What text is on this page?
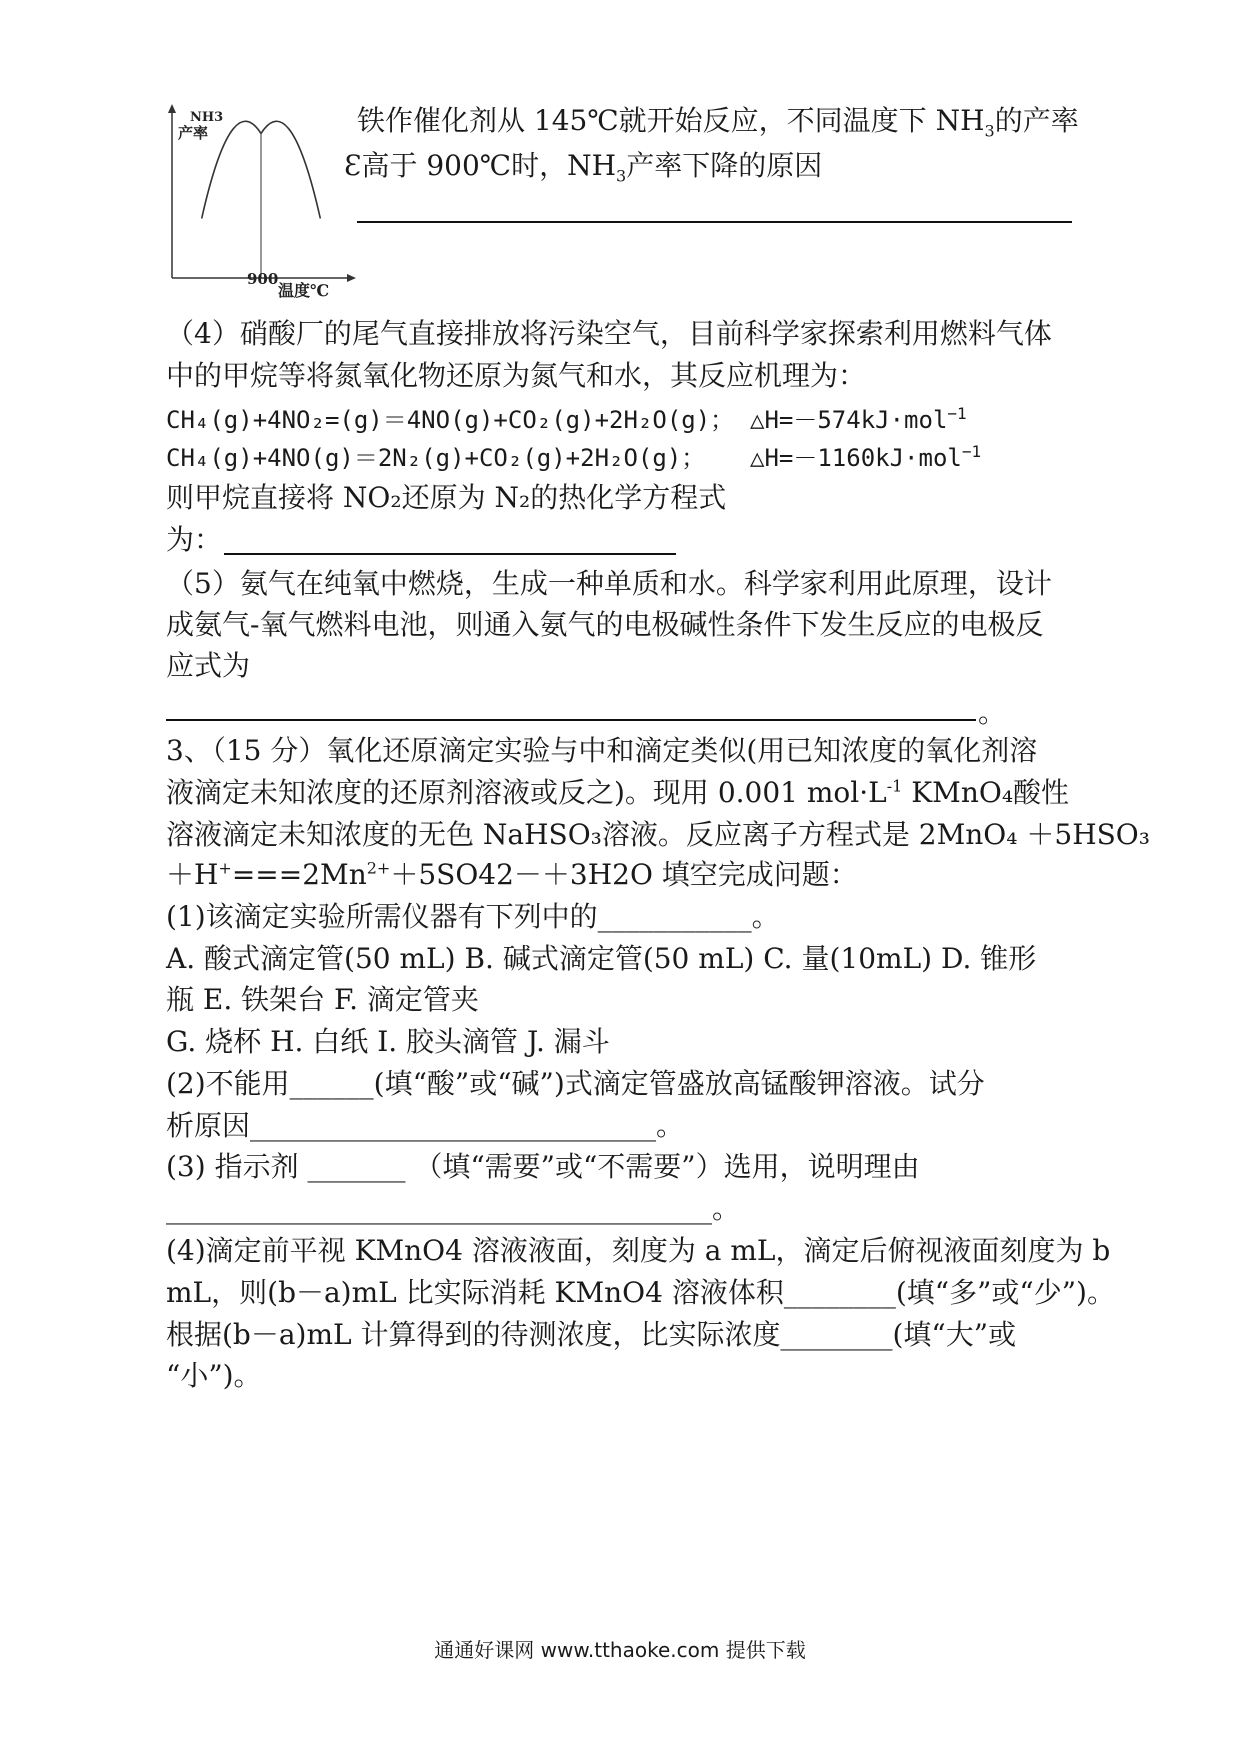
NH3
产率
900
温度℃
铁作催化剂从 145℃就开始反应，不同温度下 $NH_3$的产率
Ɛ高于 900℃时，$NH_3$产率下降的原因
（4）硝酸厂的尾气直接排放将污染空气，目前科学家探索利用燃料气体
中的甲烷等将氮氧化物还原为氮气和水，其反应机理为：
CH₄(g)+4NO₂=(g)＝4NO(g)+CO₂(g)+2H₂O(g)； △H=－574kJ·mol$^{-1}$
CH₄(g)+4NO(g)＝2N₂(g)+CO₂(g)+2H₂O(g)； △H=－1160kJ·mol$^{-1}$
则甲烷直接将 NO₂还原为 N₂的热化学方程式
为：
（5）氨气在纯氧中燃烧，生成一种单质和水。科学家利用此原理，设计
成氨气-氧气燃料电池，则通入氨气的电极碱性条件下发生反应的电极反
应式为
。
3、（15 分）氧化还原滴定实验与中和滴定类似(用已知浓度的氧化剂溶
液滴定未知浓度的还原剂溶液或反之)。现用 0.001 $mol\cdot L^{-1}$ KMnO₄酸性
溶液滴定未知浓度的无色 NaHSO₃溶液。反应离子方程式是 2MnO₄ ＋5HSO₃
$+H^+===2Mn^{2+}+5SO42-+3H2O$ 填空完成问题：
(1)该滴定实验所需仪器有下列中的___________。
A. 酸式滴定管(50 mL) B. 碱式滴定管(50 mL) C. 量(10mL) D. 锥形
瓶 E. 铁架台 F. 滴定管夹
G. 烧杯 H. 白纸 I. 胶头滴管 J. 漏斗
(2)不能用______(填“酸”或“碱”)式滴定管盛放高锰酸钾溶液。试分
析原因_____________________________。
(3) 指示剂 _______ （填“需要”或“不需要”）选用，说明理由
_______________________________________。
(4)滴定前平视 KMnO4 溶液液面，刻度为 a mL，滴定后俯视液面刻度为 b
mL，则(b－a)mL 比实际消耗 KMnO4 溶液体积________(填“多”或“少”)。
根据(b－a)mL 计算得到的待测浓度，比实际浓度________(填“大”或
“小”)。
通通好课网 www.tthaoke.com 提供下载
